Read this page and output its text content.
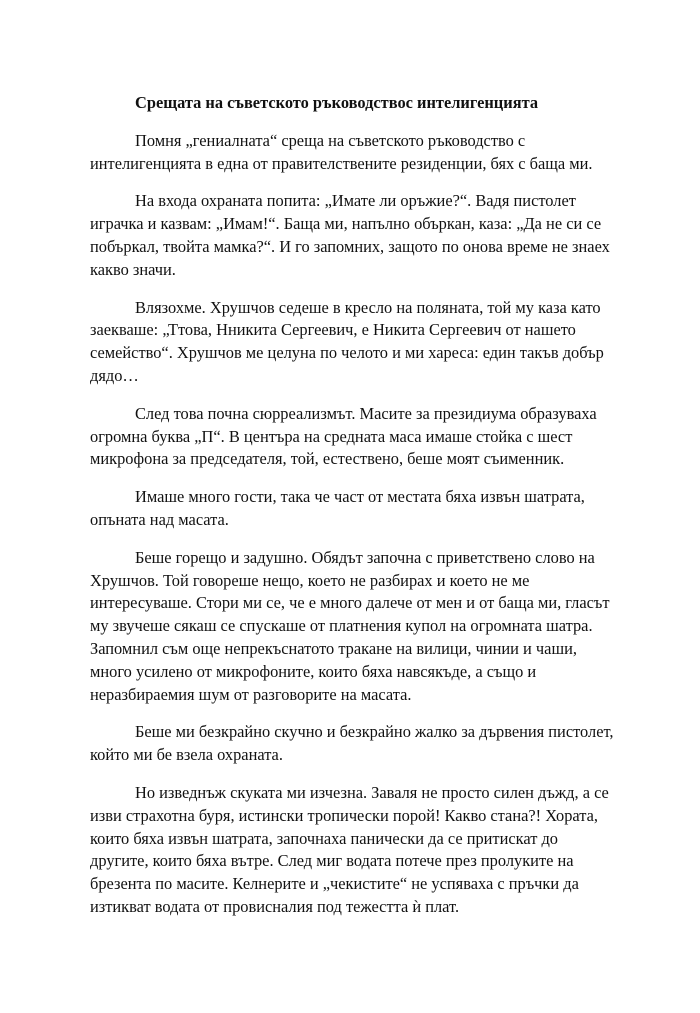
Срещата на съветското ръководствос интелигенцията

Помня „гениалната“ среща на съветското ръководство с интелигенцията в една от правителствените резиденции, бях с баща ми.

На входа охраната попита: „Имате ли оръжие?“. Вадя пистолет играчка и казвам: „Имам!“. Баща ми, напълно объркан, каза: „Да не си се побъркал, твойта мамка?“. И го запомних, защото по онова време не знаех какво значи.

Влязохме. Хрушчов седеше в кресло на поляната, той му каза като заекваше: „Ттова, Нникита Сергеевич, е Никита Сергеевич от нашето семейство“. Хрушчов ме целуна по челото и ми хареса: един такъв добър дядо…

След това почна сюрреализмът. Масите за президиума образуваха огромна буква „П“. В центъра на средната маса имаше стойка с шест микрофона за председателя, той, естествено, беше моят съименник.

Имаше много гости, така че част от местата бяха извън шатрата, опъната над масата.

Беше горещо и задушно. Обядът започна с приветствено слово на Хрушчов. Той говореше нещо, което не разбирах и което не ме интересуваше. Стори ми се, че е много далече от мен и от баща ми, гласът му звучеше сякаш се спускаше от платнения купол на огромната шатра. Запомнил съм още непрекъснатото тракане на вилици, чинии и чаши, много усилено от микрофоните, които бяха навсякъде, а също и неразбираемия шум от разговорите на масата.

Беше ми безкрайно скучно и безкрайно жалко за дървения пистолет, който ми бе взела охраната.

Но изведнъж скуката ми изчезна. Заваля не просто силен дъжд, а се изви страхотна буря, истински тропически порой! Какво стана?! Хората, които бяха извън шатрата, започнаха панически да се притискат до другите, които бяха вътре. След миг водата потече през пролуките на брезента по масите. Келнерите и „чекистите“ не успяваха с пръчки да изтикват водата от провисналия под тежестта ѝ плат.
